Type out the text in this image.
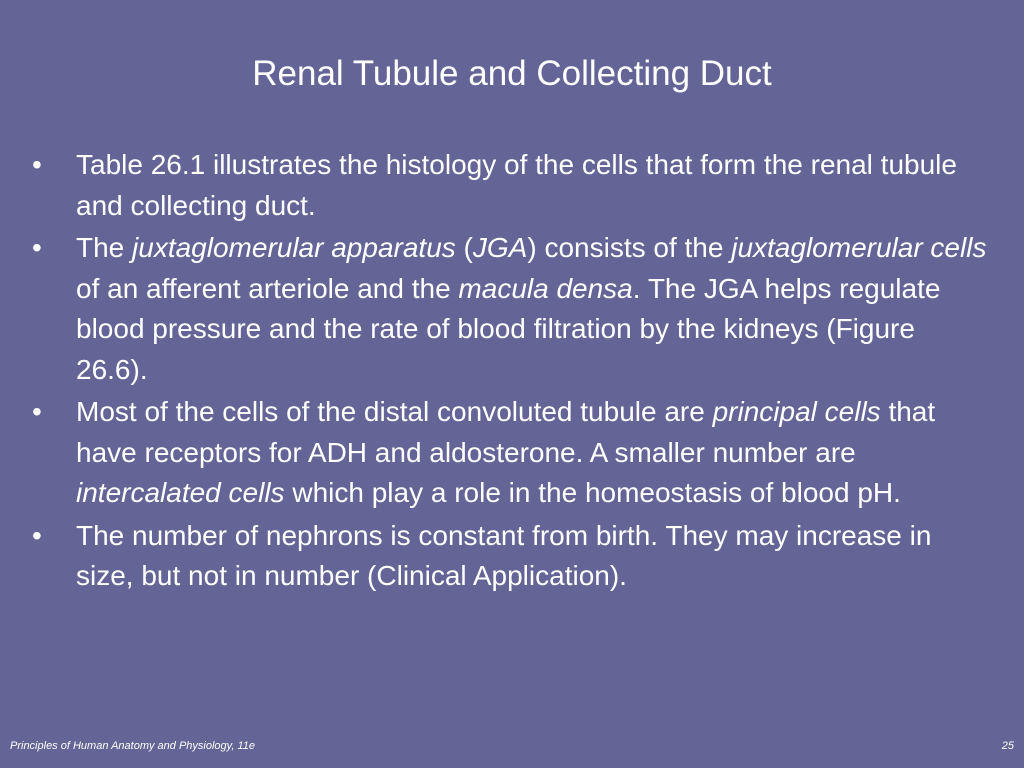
Renal Tubule and Collecting Duct
• Table 26.1 illustrates the histology of the cells that form the renal tubule and collecting duct.
• The juxtaglomerular apparatus (JGA) consists of the juxtaglomerular cells of an afferent arteriole and the macula densa. The JGA helps regulate blood pressure and the rate of blood filtration by the kidneys (Figure 26.6).
• Most of the cells of the distal convoluted tubule are principal cells that have receptors for ADH and aldosterone. A smaller number are intercalated cells which play a role in the homeostasis of blood pH.
• The number of nephrons is constant from birth. They may increase in size, but not in number (Clinical Application).
Principles of Human Anatomy and Physiology, 11e	25
